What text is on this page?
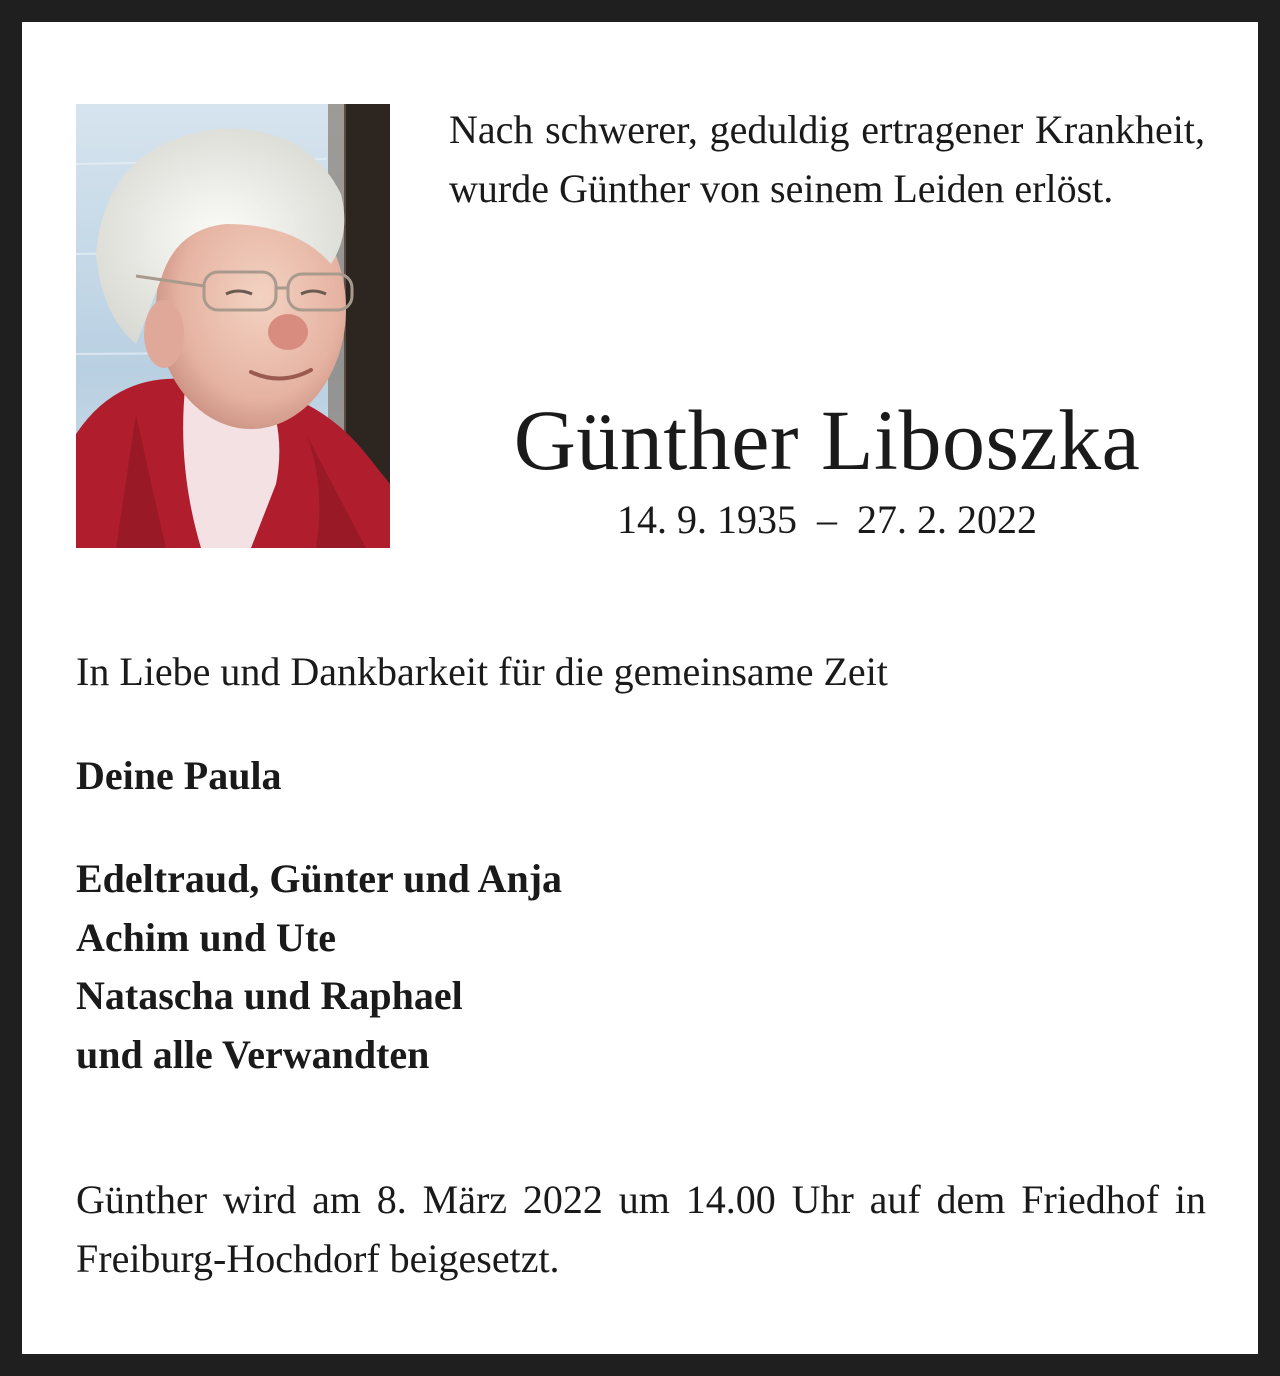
Nach schwerer, geduldig ertragener Krankheit, wurde Günther von seinem Leiden erlöst.
Günther Liboszka
14. 9. 1935  –  27. 2. 2022
In Liebe und Dankbarkeit für die gemeinsame Zeit
Deine Paula
Edeltraud, Günter und Anja
Achim und Ute
Natascha und Raphael
und alle Verwandten
Günther wird am 8. März 2022 um 14.00 Uhr auf dem Friedhof in Freiburg-Hochdorf beigesetzt.
